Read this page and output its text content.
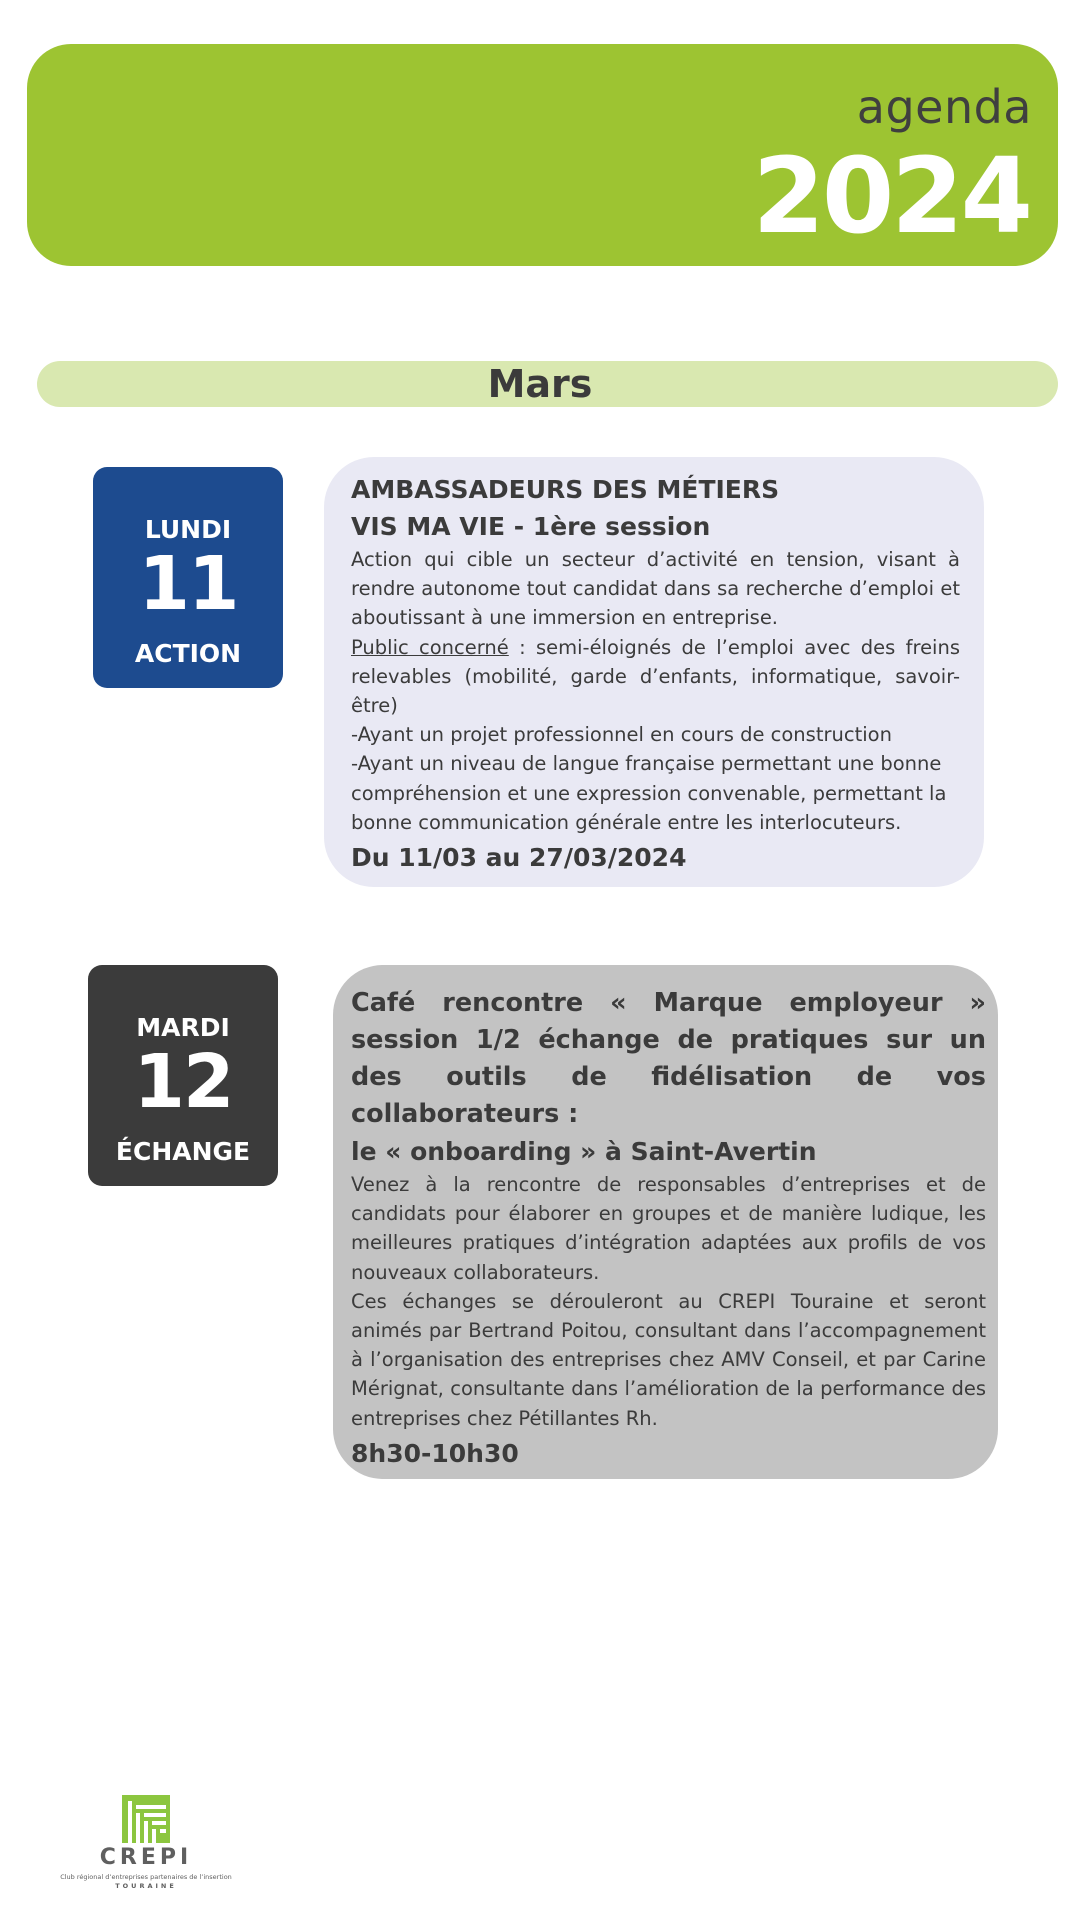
agenda
2024
Mars
LUNDI
11
ACTION
AMBASSADEURS DES MÉTIERS
VIS MA VIE - 1ère session

Action qui cible un secteur d’activité en tension, visant à rendre autonome tout candidat dans sa recherche d’emploi et aboutissant à une immersion en entreprise.

Public concerné : semi-éloignés de l’emploi avec des freins relevables (mobilité, garde d’enfants, informatique, savoir-être)

-Ayant un projet professionnel en cours de construction

-Ayant un niveau de langue française permettant une bonne compréhension et une expression convenable, permettant la bonne communication générale entre les interlocuteurs.

Du 11/03 au 27/03/2024
MARDI
12
ÉCHANGE
Café rencontre « Marque employeur » session 1/2 échange de pratiques sur un des outils de fidélisation de vos collaborateurs :
le « onboarding » à Saint-Avertin

Venez à la rencontre de responsables d’entreprises et de candidats pour élaborer en groupes et de manière ludique, les meilleures pratiques d’intégration adaptées aux profils de vos nouveaux collaborateurs.

Ces échanges se dérouleront au CREPI Touraine et seront animés par Bertrand Poitou, consultant dans l’accompagnement à l’organisation des entreprises chez AMV Conseil, et par Carine Mérignat, consultante dans l’amélioration de la performance des entreprises chez Pétillantes Rh.

8h30-10h30
CREPI
Club régional d’entreprises partenaires de l’insertion
TOURAINE
